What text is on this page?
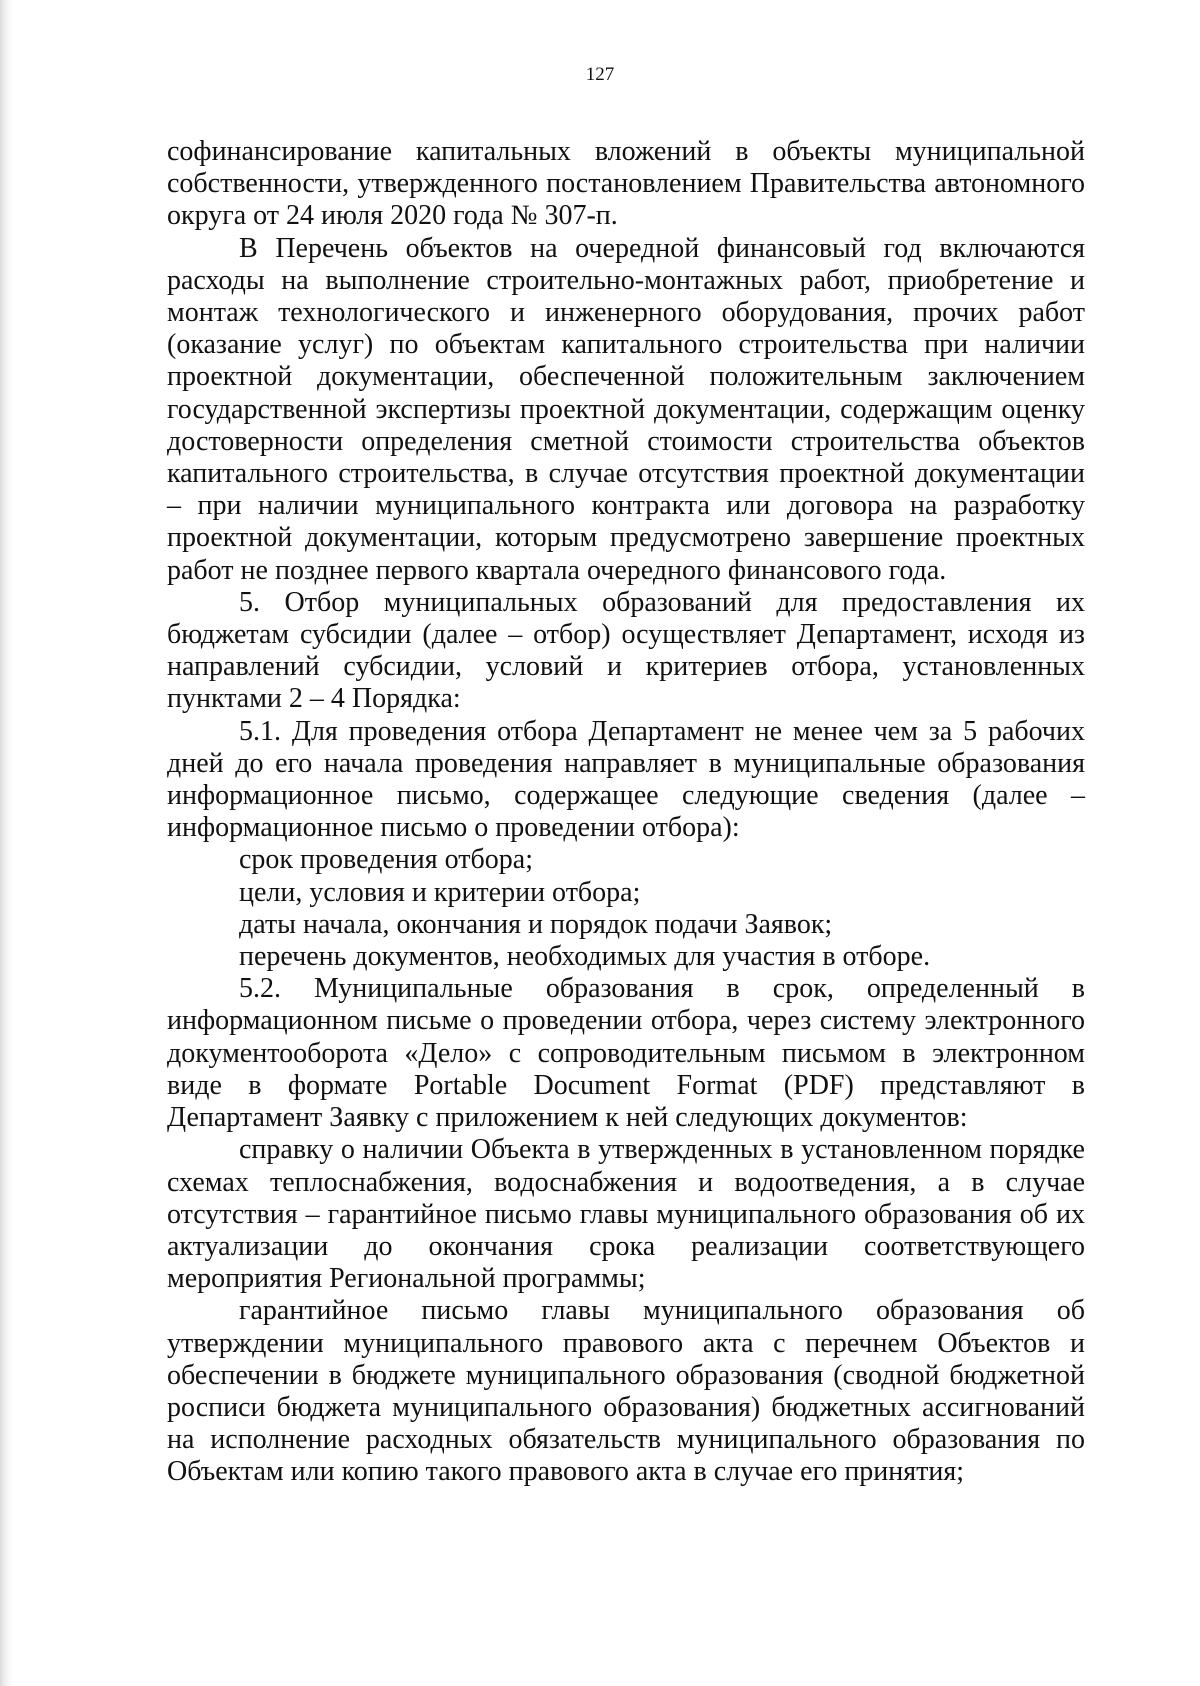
127

софинансирование капитальных вложений в объекты муниципальной собственности, утвержденного постановлением Правительства автономного округа от 24 июля 2020 года № 307-п.

В Перечень объектов на очередной финансовый год включаются расходы на выполнение строительно-монтажных работ, приобретение и монтаж технологического и инженерного оборудования, прочих работ (оказание услуг) по объектам капитального строительства при наличии проектной документации, обеспеченной положительным заключением государственной экспертизы проектной документации, содержащим оценку достоверности определения сметной стоимости строительства объектов капитального строительства, в случае отсутствия проектной документации – при наличии муниципального контракта или договора на разработку проектной документации, которым предусмотрено завершение проектных работ не позднее первого квартала очередного финансового года.

5. Отбор муниципальных образований для предоставления их бюджетам субсидии (далее – отбор) осуществляет Департамент, исходя из направлений субсидии, условий и критериев отбора, установленных пунктами 2 – 4 Порядка:

5.1. Для проведения отбора Департамент не менее чем за 5 рабочих дней до его начала проведения направляет в муниципальные образования информационное письмо, содержащее следующие сведения (далее – информационное письмо о проведении отбора):

срок проведения отбора;

цели, условия и критерии отбора;

даты начала, окончания и порядок подачи Заявок;

перечень документов, необходимых для участия в отборе.

5.2. Муниципальные образования в срок, определенный в информационном письме о проведении отбора, через систему электронного документооборота «Дело» с сопроводительным письмом в электронном виде в формате Portable Document Format (PDF) представляют в Департамент Заявку с приложением к ней следующих документов:

справку о наличии Объекта в утвержденных в установленном порядке схемах теплоснабжения, водоснабжения и водоотведения, а в случае отсутствия – гарантийное письмо главы муниципального образования об их актуализации до окончания срока реализации соответствующего мероприятия Региональной программы;

гарантийное письмо главы муниципального образования об утверждении муниципального правового акта с перечнем Объектов и обеспечении в бюджете муниципального образования (сводной бюджетной росписи бюджета муниципального образования) бюджетных ассигнований на исполнение расходных обязательств муниципального образования по Объектам или копию такого правового акта в случае его принятия;
